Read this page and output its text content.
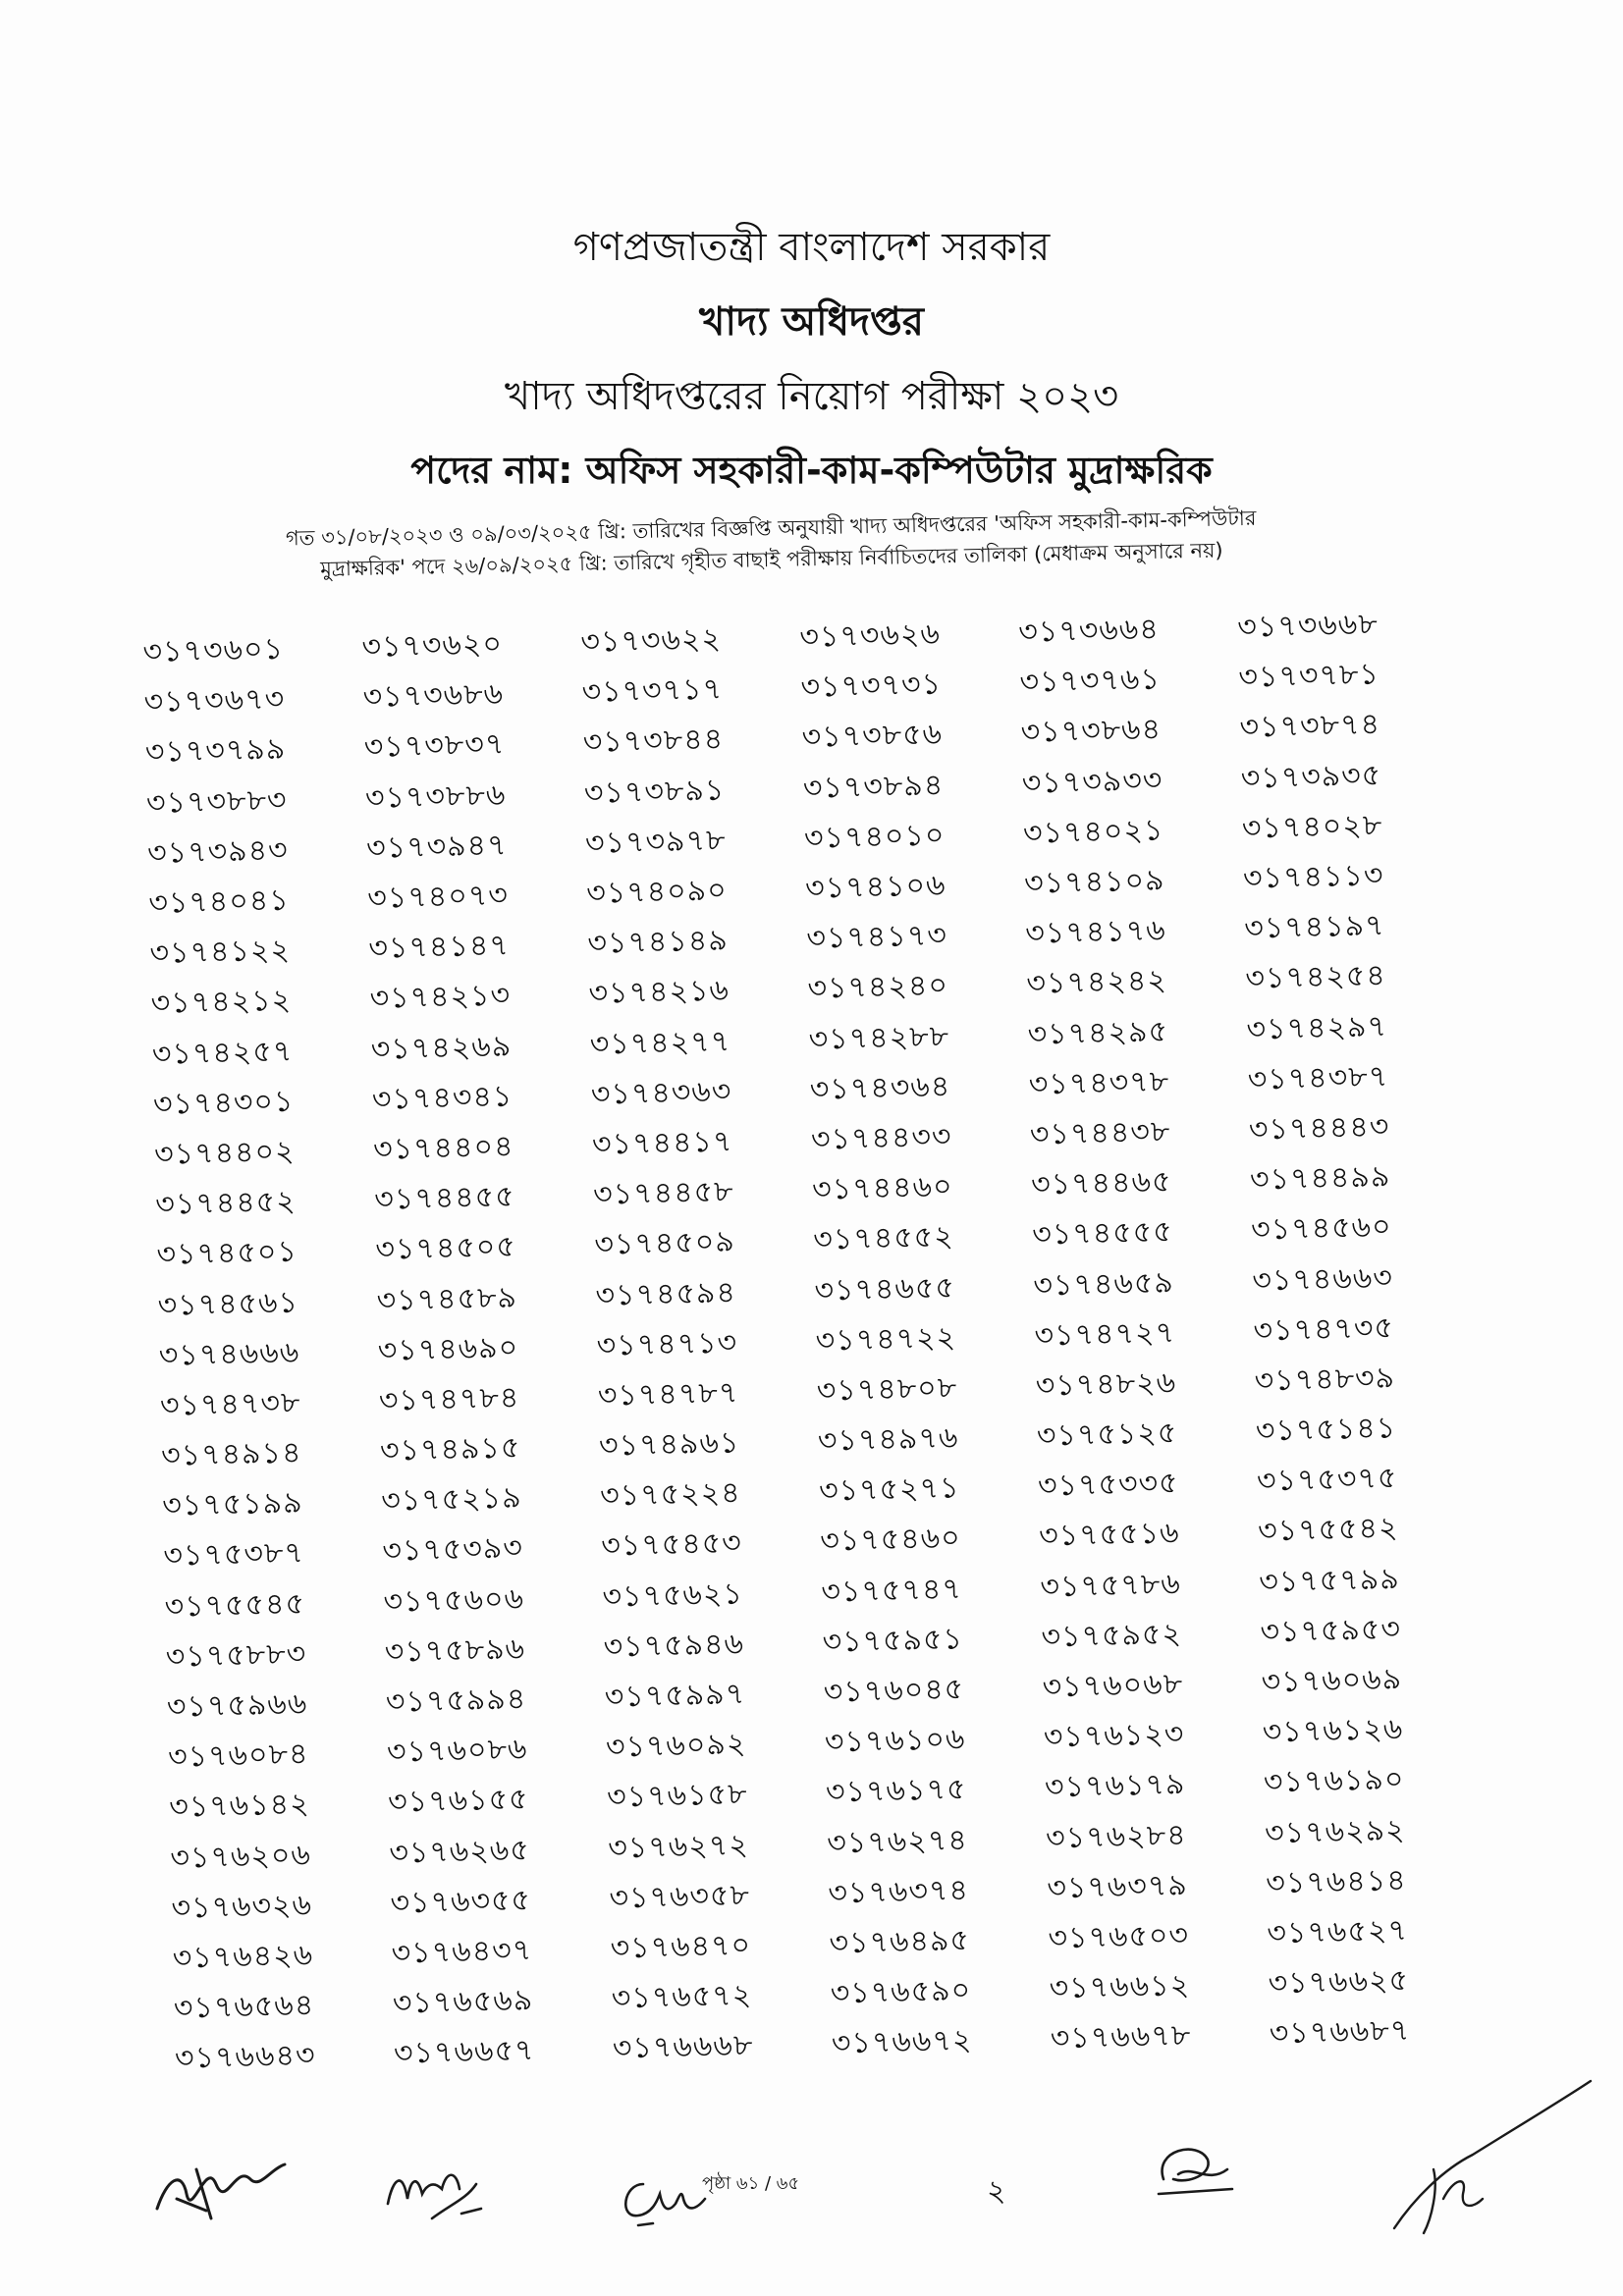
গণপ্রজাতন্ত্রী বাংলাদেশ সরকার
খাদ্য অধিদপ্তর
খাদ্য অধিদপ্তরের নিয়োগ পরীক্ষা ২০২৩
পদের নাম: অফিস সহকারী-কাম-কম্পিউটার মুদ্রাক্ষরিক
গত ৩১/০৮/২০২৩ ও ০৯/০৩/২০২৫ খ্রি: তারিখের বিজ্ঞপ্তি অনুযায়ী খাদ্য অধিদপ্তরের 'অফিস সহকারী-কাম-কম্পিউটার
মুদ্রাক্ষরিক' পদে ২৬/০৯/২০২৫ খ্রি: তারিখে গৃহীত বাছাই পরীক্ষায় নির্বাচিতদের তালিকা (মেধাক্রম অনুসারে নয়)
৩১৭৩৬০১	৩১৭৩৬২০	৩১৭৩৬২২	৩১৭৩৬২৬	৩১৭৩৬৬৪	৩১৭৩৬৬৮
৩১৭৩৬৭৩	৩১৭৩৬৮৬	৩১৭৩৭১৭	৩১৭৩৭৩১	৩১৭৩৭৬১	৩১৭৩৭৮১
৩১৭৩৭৯৯	৩১৭৩৮৩৭	৩১৭৩৮৪৪	৩১৭৩৮৫৬	৩১৭৩৮৬৪	৩১৭৩৮৭৪
৩১৭৩৮৮৩	৩১৭৩৮৮৬	৩১৭৩৮৯১	৩১৭৩৮৯৪	৩১৭৩৯৩৩	৩১৭৩৯৩৫
৩১৭৩৯৪৩	৩১৭৩৯৪৭	৩১৭৩৯৭৮	৩১৭৪০১০	৩১৭৪০২১	৩১৭৪০২৮
৩১৭৪০৪১	৩১৭৪০৭৩	৩১৭৪০৯০	৩১৭৪১০৬	৩১৭৪১০৯	৩১৭৪১১৩
৩১৭৪১২২	৩১৭৪১৪৭	৩১৭৪১৪৯	৩১৭৪১৭৩	৩১৭৪১৭৬	৩১৭৪১৯৭
৩১৭৪২১২	৩১৭৪২১৩	৩১৭৪২১৬	৩১৭৪২৪০	৩১৭৪২৪২	৩১৭৪২৫৪
৩১৭৪২৫৭	৩১৭৪২৬৯	৩১৭৪২৭৭	৩১৭৪২৮৮	৩১৭৪২৯৫	৩১৭৪২৯৭
৩১৭৪৩০১	৩১৭৪৩৪১	৩১৭৪৩৬৩	৩১৭৪৩৬৪	৩১৭৪৩৭৮	৩১৭৪৩৮৭
৩১৭৪৪০২	৩১৭৪৪০৪	৩১৭৪৪১৭	৩১৭৪৪৩৩	৩১৭৪৪৩৮	৩১৭৪৪৪৩
৩১৭৪৪৫২	৩১৭৪৪৫৫	৩১৭৪৪৫৮	৩১৭৪৪৬০	৩১৭৪৪৬৫	৩১৭৪৪৯৯
৩১৭৪৫০১	৩১৭৪৫০৫	৩১৭৪৫০৯	৩১৭৪৫৫২	৩১৭৪৫৫৫	৩১৭৪৫৬০
৩১৭৪৫৬১	৩১৭৪৫৮৯	৩১৭৪৫৯৪	৩১৭৪৬৫৫	৩১৭৪৬৫৯	৩১৭৪৬৬৩
৩১৭৪৬৬৬	৩১৭৪৬৯০	৩১৭৪৭১৩	৩১৭৪৭২২	৩১৭৪৭২৭	৩১৭৪৭৩৫
৩১৭৪৭৩৮	৩১৭৪৭৮৪	৩১৭৪৭৮৭	৩১৭৪৮০৮	৩১৭৪৮২৬	৩১৭৪৮৩৯
৩১৭৪৯১৪	৩১৭৪৯১৫	৩১৭৪৯৬১	৩১৭৪৯৭৬	৩১৭৫১২৫	৩১৭৫১৪১
৩১৭৫১৯৯	৩১৭৫২১৯	৩১৭৫২২৪	৩১৭৫২৭১	৩১৭৫৩৩৫	৩১৭৫৩৭৫
৩১৭৫৩৮৭	৩১৭৫৩৯৩	৩১৭৫৪৫৩	৩১৭৫৪৬০	৩১৭৫৫১৬	৩১৭৫৫৪২
৩১৭৫৫৪৫	৩১৭৫৬০৬	৩১৭৫৬২১	৩১৭৫৭৪৭	৩১৭৫৭৮৬	৩১৭৫৭৯৯
৩১৭৫৮৮৩	৩১৭৫৮৯৬	৩১৭৫৯৪৬	৩১৭৫৯৫১	৩১৭৫৯৫২	৩১৭৫৯৫৩
৩১৭৫৯৬৬	৩১৭৫৯৯৪	৩১৭৫৯৯৭	৩১৭৬০৪৫	৩১৭৬০৬৮	৩১৭৬০৬৯
৩১৭৬০৮৪	৩১৭৬০৮৬	৩১৭৬০৯২	৩১৭৬১০৬	৩১৭৬১২৩	৩১৭৬১২৬
৩১৭৬১৪২	৩১৭৬১৫৫	৩১৭৬১৫৮	৩১৭৬১৭৫	৩১৭৬১৭৯	৩১৭৬১৯০
৩১৭৬২০৬	৩১৭৬২৬৫	৩১৭৬২৭২	৩১৭৬২৭৪	৩১৭৬২৮৪	৩১৭৬২৯২
৩১৭৬৩২৬	৩১৭৬৩৫৫	৩১৭৬৩৫৮	৩১৭৬৩৭৪	৩১৭৬৩৭৯	৩১৭৬৪১৪
৩১৭৬৪২৬	৩১৭৬৪৩৭	৩১৭৬৪৭০	৩১৭৬৪৯৫	৩১৭৬৫০৩	৩১৭৬৫২৭
৩১৭৬৫৬৪	৩১৭৬৫৬৯	৩১৭৬৫৭২	৩১৭৬৫৯০	৩১৭৬৬১২	৩১৭৬৬২৫
৩১৭৬৬৪৩	৩১৭৬৬৫৭	৩১৭৬৬৬৮	৩১৭৬৬৭২	৩১৭৬৬৭৮	৩১৭৬৬৮৭
পৃষ্ঠা ৬১ / ৬৫	২
